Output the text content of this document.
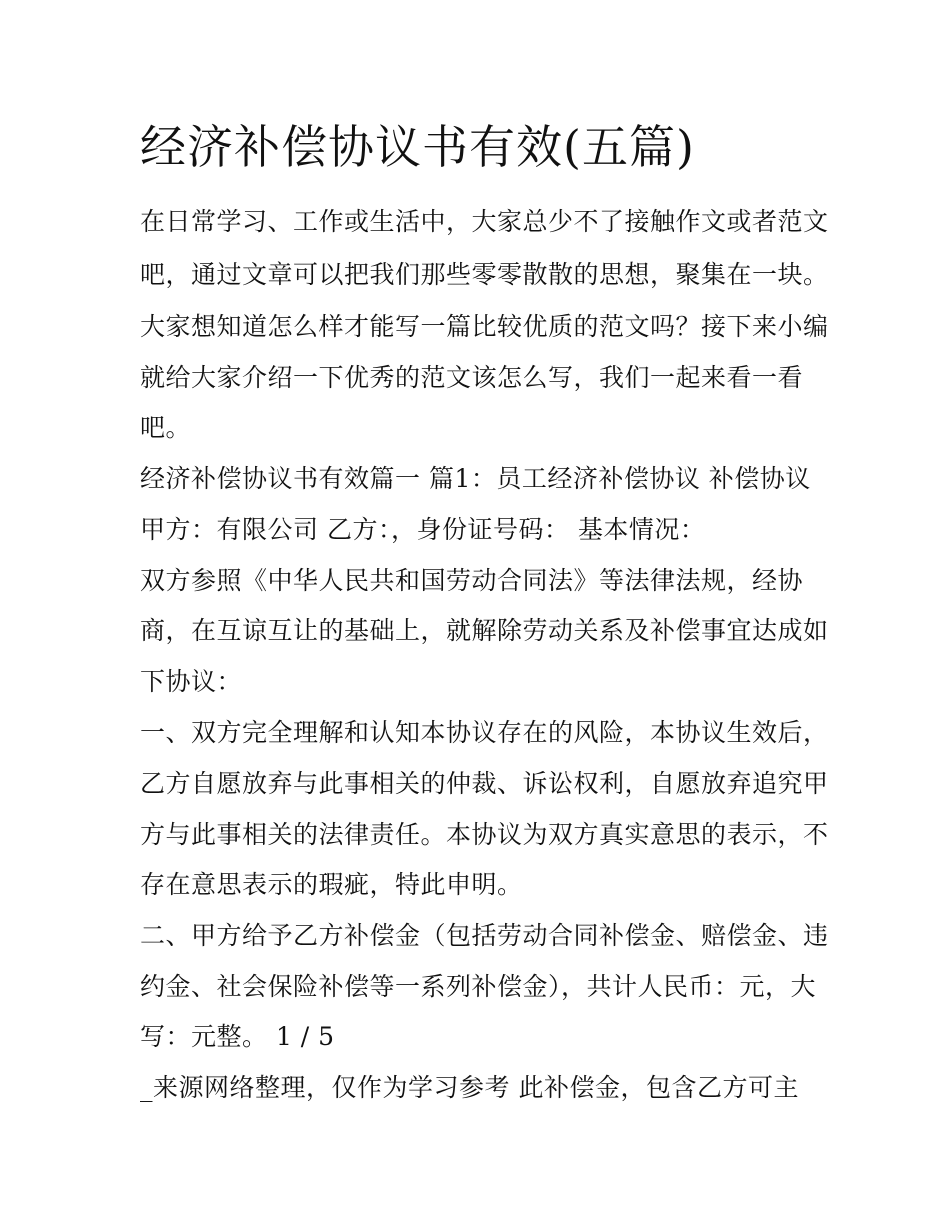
经济补偿协议书有效(五篇)
在日常学习、工作或生活中，大家总少不了接触作文或者范文
吧，通过文章可以把我们那些零零散散的思想，聚集在一块。
大家想知道怎么样才能写一篇比较优质的范文吗？接下来小编
就给大家介绍一下优秀的范文该怎么写，我们一起来看一看
吧。
经济补偿协议书有效篇一 篇1：员工经济补偿协议 补偿协议
甲方：有限公司 乙方：，身份证号码： 基本情况：
双方参照《中华人民共和国劳动合同法》等法律法规，经协
商，在互谅互让的基础上，就解除劳动关系及补偿事宜达成如
下协议：
一、双方完全理解和认知本协议存在的风险，本协议生效后，
乙方自愿放弃与此事相关的仲裁、诉讼权利，自愿放弃追究甲
方与此事相关的法律责任。本协议为双方真实意思的表示，不
存在意思表示的瑕疵，特此申明。
二、甲方给予乙方补偿金（包括劳动合同补偿金、赔偿金、违
约金、社会保险补偿等一系列补偿金），共计人民币：元，大
写：元整。 1 / 5
_来源网络整理，仅作为学习参考 此补偿金，包含乙方可主
